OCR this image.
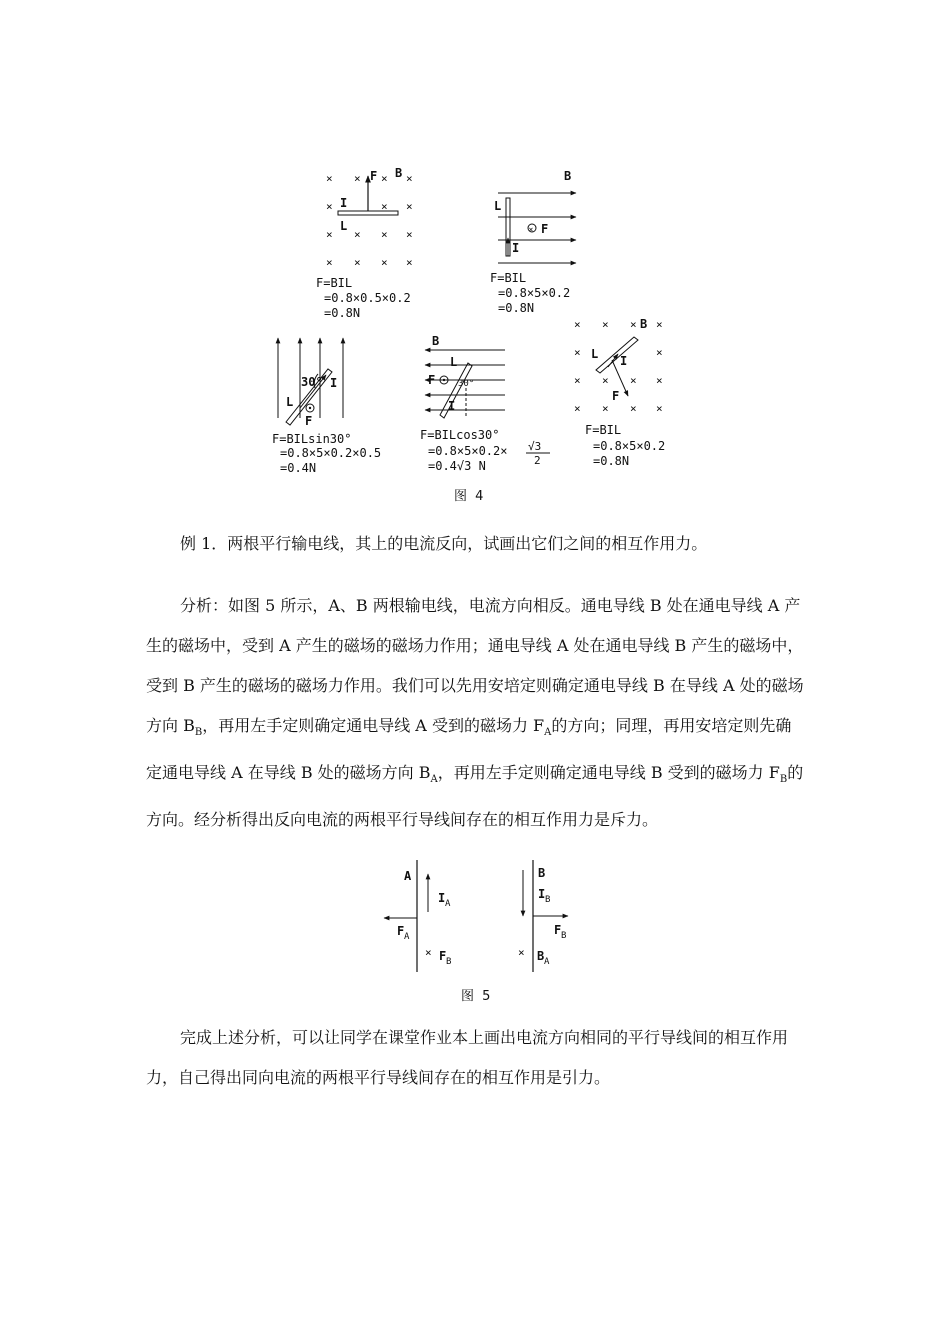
× × × ×
×	× ×
× × × ×
× × × ×
F B
I
L
F=BIL
=0.8×0.5×0.2
=0.8N
×
B
L
F
I
F=BIL
=0.8×5×0.2
=0.8N
30° I
L
F
F=BILsin30°
=0.8×5×0.2×0.5
=0.4N
B
L
F	30°
I
F=BILcos30°
=0.8×5×0.2× √3
2
=0.4√3 N
× × × ×
×	×
× × × ×
× × × ×
B
L I
F
F=BIL
=0.8×5×0.2
=0.8N
图 4

例 1．两根平行输电线，其上的电流反向，试画出它们之间的相互作用力。

分析：如图 5 所示，A、B 两根输电线，电流方向相反。通电导线 B 处在通电导线 A 产生的磁场中，受到 A 产生的磁场的磁场力作用；通电导线 A 处在通电导线 B 产生的磁场中，受到 B 产生的磁场的磁场力作用。我们可以先用安培定则确定通电导线 B 在导线 A 处的磁场方向 $B_B$，再用左手定则确定通电导线 A 受到的磁场力 $F_A$的方向；同理，再用安培定则先确定通电导线 A 在导线 B 处的磁场方向 $B_A$，再用左手定则确定通电导线 B 受到的磁场力 $F_B$的方向。经分析得出反向电流的两根平行导线间存在的相互作用力是斥力。

A
I A
F A
× F B
B
I B
F B
× B A
图 5

完成上述分析，可以让同学在课堂作业本上画出电流方向相同的平行导线间的相互作用力，自己得出同向电流的两根平行导线间存在的相互作用是引力。
